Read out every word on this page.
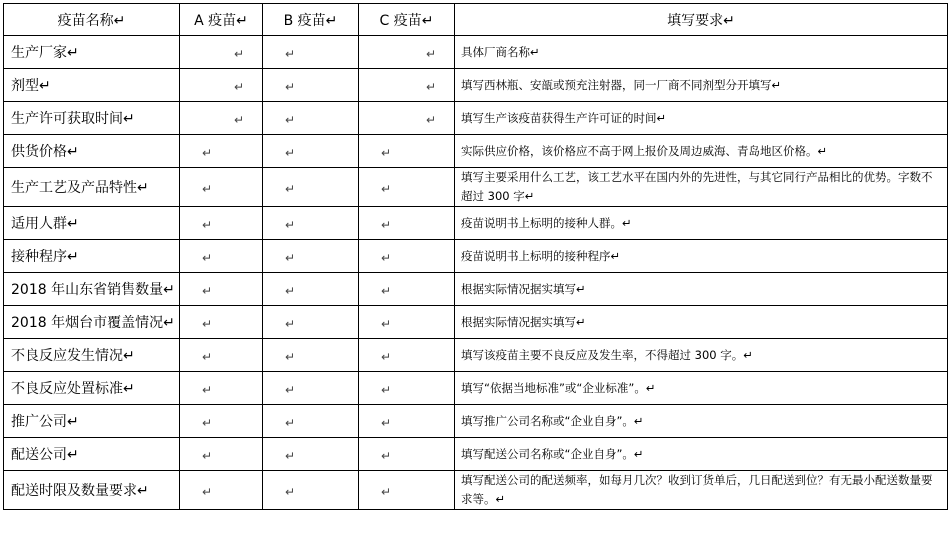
疫苗名称↵	A 疫苗↵	B 疫苗↵	C 疫苗↵	填写要求↵
生产厂家↵	↵	↵	↵	具体厂商名称↵
剂型↵	↵	↵	↵	填写西林瓶、安瓿或预充注射器，同一厂商不同剂型分开填写↵
生产许可获取时间↵	↵	↵	↵	填写生产该疫苗获得生产许可证的时间↵
供货价格↵	↵	↵	↵	实际供应价格，该价格应不高于网上报价及周边威海、青岛地区价格。↵
生产工艺及产品特性↵	↵	↵	↵	填写主要采用什么工艺，该工艺水平在国内外的先进性，与其它同行产品相比的优势。字数不超过 300 字↵
适用人群↵	↵	↵	↵	疫苗说明书上标明的接种人群。↵
接种程序↵	↵	↵	↵	疫苗说明书上标明的接种程序↵
2018 年山东省销售数量↵	↵	↵	↵	根据实际情况据实填写↵
2018 年烟台市覆盖情况↵	↵	↵	↵	根据实际情况据实填写↵
不良反应发生情况↵	↵	↵	↵	填写该疫苗主要不良反应及发生率，不得超过 300 字。↵
不良反应处置标准↵	↵	↵	↵	填写“依据当地标准”或“企业标准”。↵
推广公司↵	↵	↵	↵	填写推广公司名称或“企业自身”。↵
配送公司↵	↵	↵	↵	填写配送公司名称或“企业自身”。↵
配送时限及数量要求↵	↵	↵	↵	填写配送公司的配送频率，如每月几次？收到订货单后，几日配送到位？有无最小配送数量要求等。↵
